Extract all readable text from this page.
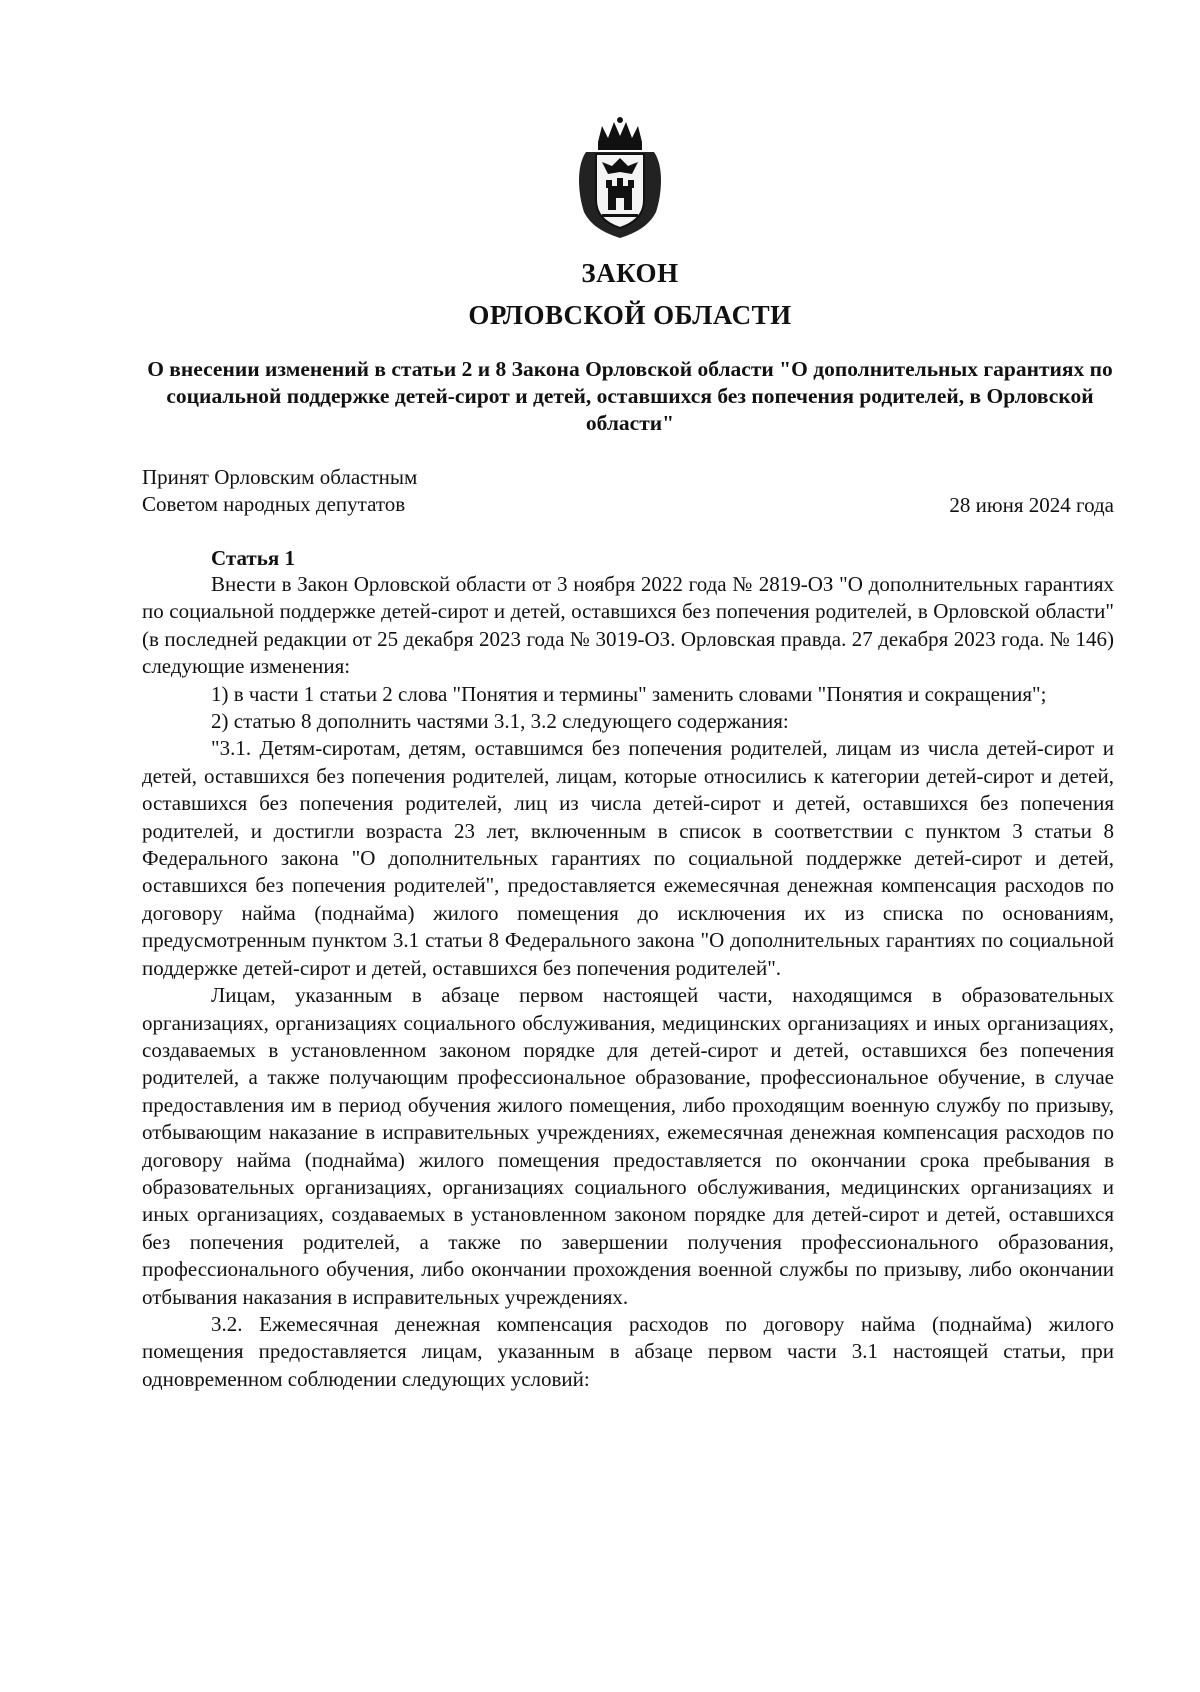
ЗАКОН
ОРЛОВСКОЙ ОБЛАСТИ
О внесении изменений в статьи 2 и 8 Закона Орловской области "О дополнительных гарантиях по социальной поддержке детей-сирот и детей, оставшихся без попечения родителей, в Орловской области"
Принят Орловским областным
Советом народных депутатов	28 июня 2024 года
Статья 1

Внести в Закон Орловской области от 3 ноября 2022 года № 2819-ОЗ "О дополнительных гарантиях по социальной поддержке детей-сирот и детей, оставшихся без попечения родителей, в Орловской области" (в последней редакции от 25 декабря 2023 года № 3019-ОЗ. Орловская правда. 27 декабря 2023 года. № 146) следующие изменения:

1) в части 1 статьи 2 слова "Понятия и термины" заменить словами "Понятия и сокращения";

2) статью 8 дополнить частями 3.1, 3.2 следующего содержания:

"3.1. Детям-сиротам, детям, оставшимся без попечения родителей, лицам из числа детей-сирот и детей, оставшихся без попечения родителей, лицам, которые относились к категории детей-сирот и детей, оставшихся без попечения родителей, лиц из числа детей-сирот и детей, оставшихся без попечения родителей, и достигли возраста 23 лет, включенным в список в соответствии с пунктом 3 статьи 8 Федерального закона "О дополнительных гарантиях по социальной поддержке детей-сирот и детей, оставшихся без попечения родителей", предоставляется ежемесячная денежная компенсация расходов по договору найма (поднайма) жилого помещения до исключения их из списка по основаниям, предусмотренным пунктом 3.1 статьи 8 Федерального закона "О дополнительных гарантиях по социальной поддержке детей-сирот и детей, оставшихся без попечения родителей".

Лицам, указанным в абзаце первом настоящей части, находящимся в образовательных организациях, организациях социального обслуживания, медицинских организациях и иных организациях, создаваемых в установленном законом порядке для детей-сирот и детей, оставшихся без попечения родителей, а также получающим профессиональное образование, профессиональное обучение, в случае предоставления им в период обучения жилого помещения, либо проходящим военную службу по призыву, отбывающим наказание в исправительных учреждениях, ежемесячная денежная компенсация расходов по договору найма (поднайма) жилого помещения предоставляется по окончании срока пребывания в образовательных организациях, организациях социального обслуживания, медицинских организациях и иных организациях, создаваемых в установленном законом порядке для детей-сирот и детей, оставшихся без попечения родителей, а также по завершении получения профессионального образования, профессионального обучения, либо окончании прохождения военной службы по призыву, либо окончании отбывания наказания в исправительных учреждениях.

3.2. Ежемесячная денежная компенсация расходов по договору найма (поднайма) жилого помещения предоставляется лицам, указанным в абзаце первом части 3.1 настоящей статьи, при одновременном соблюдении следующих условий:
